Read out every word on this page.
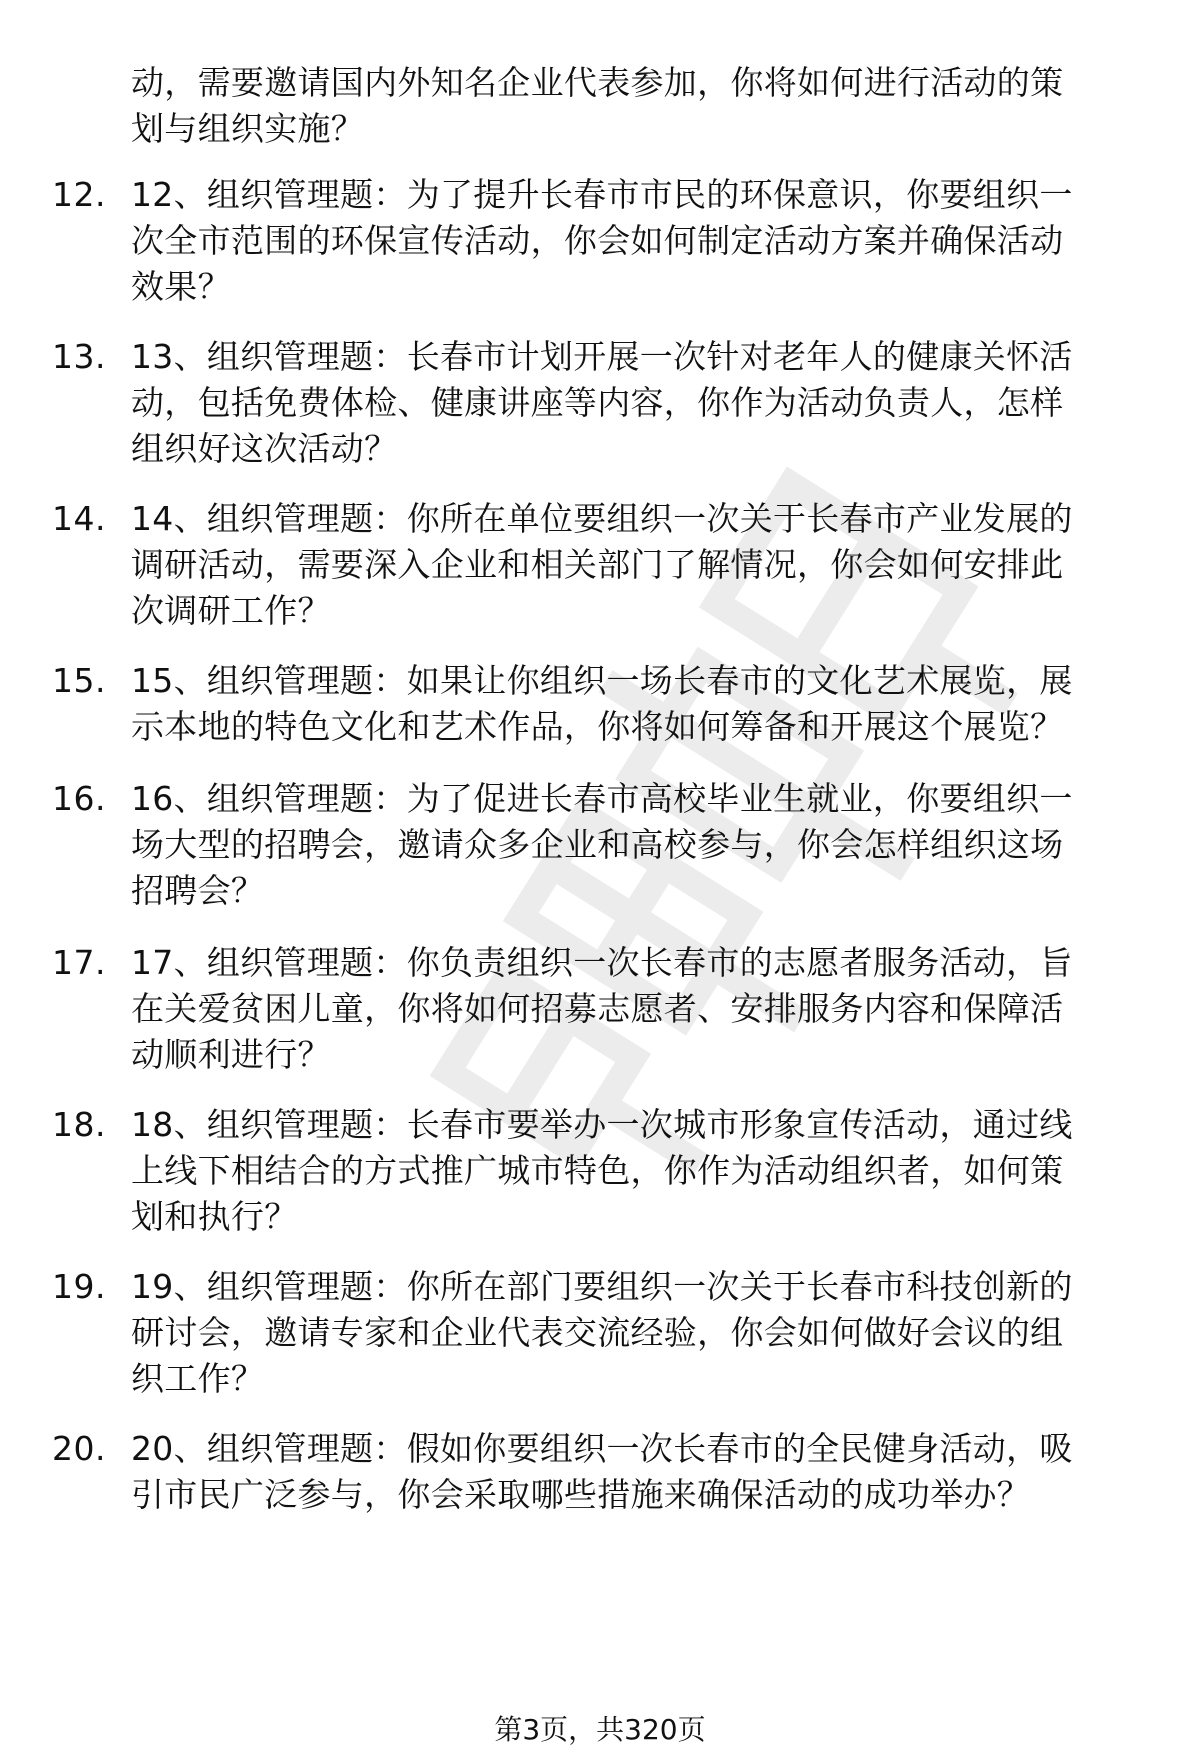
动，需要邀请国内外知名企业代表参加，你将如何进行活动的策
划与组织实施？
12. 12、组织管理题：为了提升长春市市民的环保意识，你要组织一
次全市范围的环保宣传活动，你会如何制定活动方案并确保活动
效果？
13. 13、组织管理题：长春市计划开展一次针对老年人的健康关怀活
动，包括免费体检、健康讲座等内容，你作为活动负责人，怎样
组织好这次活动？
14. 14、组织管理题：你所在单位要组织一次关于长春市产业发展的
调研活动，需要深入企业和相关部门了解情况，你会如何安排此
次调研工作？
15. 15、组织管理题：如果让你组织一场长春市的文化艺术展览，展
示本地的特色文化和艺术作品，你将如何筹备和开展这个展览？
16. 16、组织管理题：为了促进长春市高校毕业生就业，你要组织一
场大型的招聘会，邀请众多企业和高校参与，你会怎样组织这场
招聘会？
17. 17、组织管理题：你负责组织一次长春市的志愿者服务活动，旨
在关爱贫困儿童，你将如何招募志愿者、安排服务内容和保障活
动顺利进行？
18. 18、组织管理题：长春市要举办一次城市形象宣传活动，通过线
上线下相结合的方式推广城市特色，你作为活动组织者，如何策
划和执行？
19. 19、组织管理题：你所在部门要组织一次关于长春市科技创新的
研讨会，邀请专家和企业代表交流经验，你会如何做好会议的组
织工作？
20. 20、组织管理题：假如你要组织一次长春市的全民健身活动，吸
引市民广泛参与，你会采取哪些措施来确保活动的成功举办？
第3页，共320页
